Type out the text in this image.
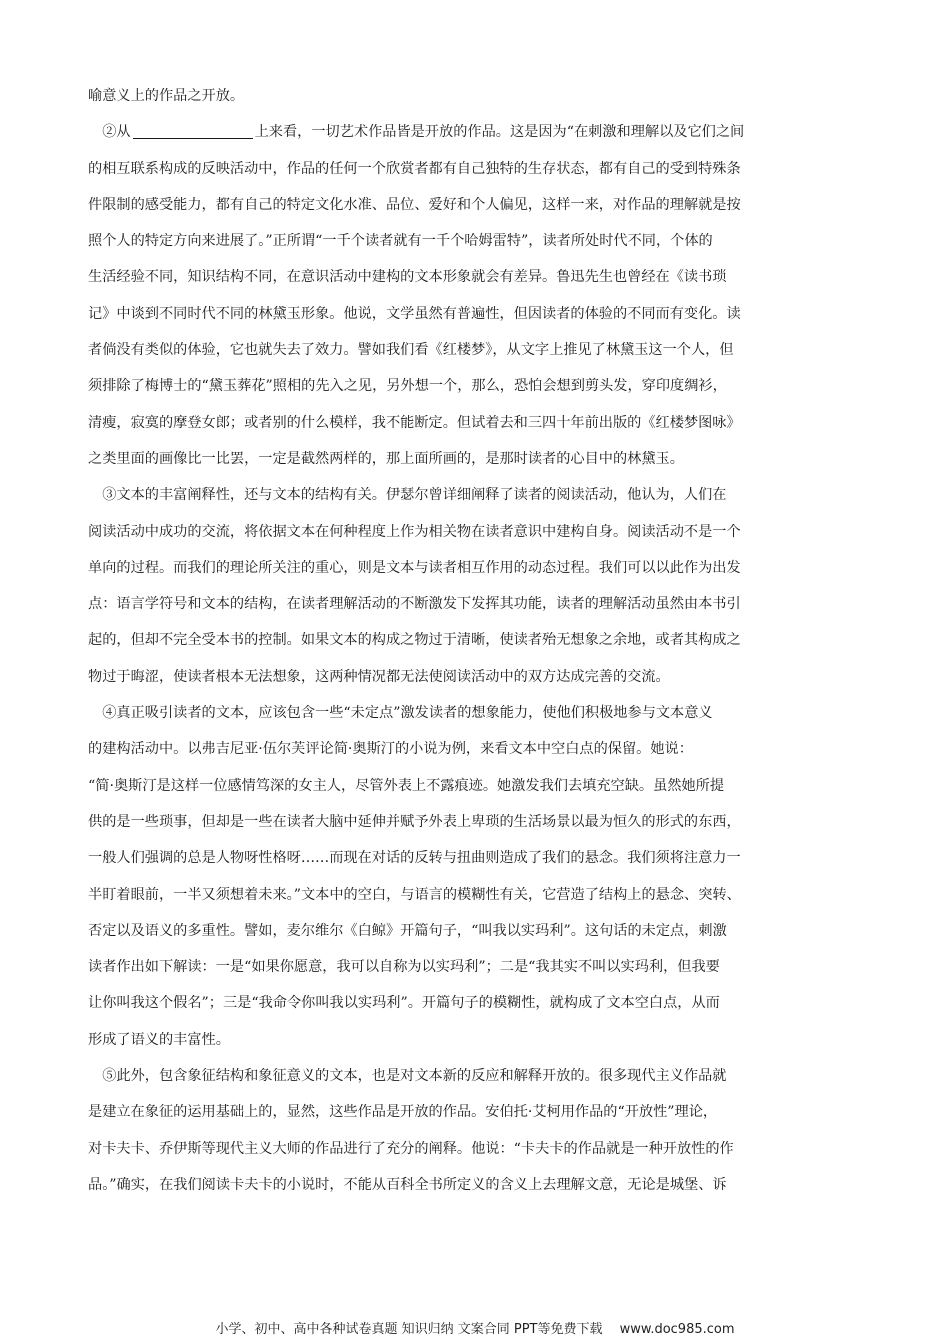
喻意义上的作品之开放。
　②从	上来看，一切艺术作品皆是开放的作品。这是因为“在刺激和理解以及它们之间
的相互联系构成的反映活动中，作品的任何一个欣赏者都有自己独特的生存状态，都有自己的受到特殊条
件限制的感受能力，都有自己的特定文化水准、品位、爱好和个人偏见，这样一来，对作品的理解就是按
照个人的特定方向来进展了。”正所谓“一千个读者就有一千个哈姆雷特”，读者所处时代不同，个体的
生活经验不同，知识结构不同，在意识活动中建构的文本形象就会有差异。鲁迅先生也曾经在《读书琐
记》中谈到不同时代不同的林黛玉形象。他说，文学虽然有普遍性，但因读者的体验的不同而有变化。读
者倘没有类似的体验，它也就失去了效力。譬如我们看《红楼梦》，从文字上推见了林黛玉这一个人，但
须排除了梅博士的“黛玉葬花”照相的先入之见，另外想一个，那么，恐怕会想到剪头发，穿印度绸衫，
清瘦，寂寞的摩登女郎；或者别的什么模样，我不能断定。但试着去和三四十年前出版的《红楼梦图咏》
之类里面的画像比一比罢，一定是截然两样的，那上面所画的，是那时读者的心目中的林黛玉。
　③文本的丰富阐释性，还与文本的结构有关。伊瑟尔曾详细阐释了读者的阅读活动，他认为，人们在
阅读活动中成功的交流，将依据文本在何种程度上作为相关物在读者意识中建构自身。阅读活动不是一个
单向的过程。而我们的理论所关注的重心，则是文本与读者相互作用的动态过程。我们可以以此作为出发
点：语言学符号和文本的结构，在读者理解活动的不断激发下发挥其功能，读者的理解活动虽然由本书引
起的，但却不完全受本书的控制。如果文本的构成之物过于清晰，使读者殆无想象之余地，或者其构成之
物过于晦涩，使读者根本无法想象，这两种情况都无法使阅读活动中的双方达成完善的交流。
　④真正吸引读者的文本，应该包含一些“未定点”激发读者的想象能力，使他们积极地参与文本意义
的建构活动中。以弗吉尼亚·伍尔芙评论简·奥斯汀的小说为例，来看文本中空白点的保留。她说：
“简·奥斯汀是这样一位感情笃深的女主人，尽管外表上不露痕迹。她激发我们去填充空缺。虽然她所提
供的是一些琐事，但却是一些在读者大脑中延伸并赋予外表上卑琐的生活场景以最为恒久的形式的东西，
一般人们强调的总是人物呀性格呀……而现在对话的反转与扭曲则造成了我们的悬念。我们须将注意力一
半盯着眼前，一半又须想着未来。”文本中的空白，与语言的模糊性有关，它营造了结构上的悬念、突转、
否定以及语义的多重性。譬如，麦尔维尔《白鲸》开篇句子，“叫我以实玛利”。这句话的未定点，刺激
读者作出如下解读：一是“如果你愿意，我可以自称为以实玛利”；二是“我其实不叫以实玛利，但我要
让你叫我这个假名”；三是“我命令你叫我以实玛利”。开篇句子的模糊性，就构成了文本空白点，从而
形成了语义的丰富性。
　⑤此外，包含象征结构和象征意义的文本，也是对文本新的反应和解释开放的。很多现代主义作品就
是建立在象征的运用基础上的，显然，这些作品是开放的作品。安伯托·艾柯用作品的“开放性”理论，
对卡夫卡、乔伊斯等现代主义大师的作品进行了充分的阐释。他说：“卡夫卡的作品就是一种开放性的作
品。”确实，在我们阅读卡夫卡的小说时，不能从百科全书所定义的含义上去理解文意，无论是城堡、诉
小学、初中、高中各种试卷真题 知识归纳 文案合同 PPT等免费下载　 www.doc985.com
